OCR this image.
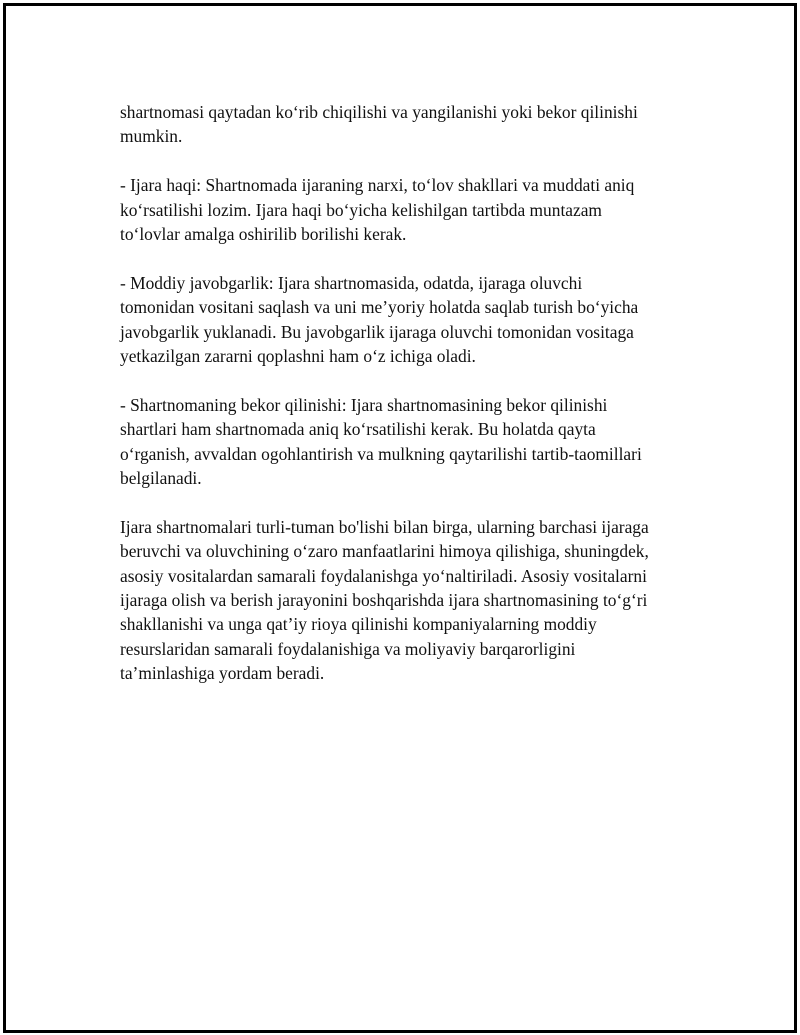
shartnomasi qaytadan koʻrib chiqilishi va yangilanishi yoki bekor qilinishi
mumkin.

- Ijara haqi: Shartnomada ijaraning narxi, toʻlov shakllari va muddati aniq
koʻrsatilishi lozim. Ijara haqi boʻyicha kelishilgan tartibda muntazam
toʻlovlar amalga oshirilib borilishi kerak.

- Moddiy javobgarlik: Ijara shartnomasida, odatda, ijaraga oluvchi
tomonidan vositani saqlash va uni meʼyoriy holatda saqlab turish boʻyicha
javobgarlik yuklanadi. Bu javobgarlik ijaraga oluvchi tomonidan vositaga
yetkazilgan zararni qoplashni ham oʻz ichiga oladi.

- Shartnomaning bekor qilinishi: Ijara shartnomasining bekor qilinishi
shartlari ham shartnomada aniq koʻrsatilishi kerak. Bu holatda qayta
oʻrganish, avvaldan ogohlantirish va mulkning qaytarilishi tartib-taomillari
belgilanadi.

Ijara shartnomalari turli-tuman bo'lishi bilan birga, ularning barchasi ijaraga
beruvchi va oluvchining oʻzaro manfaatlarini himoya qilishiga, shuningdek,
asosiy vositalardan samarali foydalanishga yoʻnaltiriladi. Asosiy vositalarni
ijaraga olish va berish jarayonini boshqarishda ijara shartnomasining toʻgʻri
shakllanishi va unga qatʼiy rioya qilinishi kompaniyalarning moddiy
resurslaridan samarali foydalanishiga va moliyaviy barqarorligini
taʼminlashiga yordam beradi.
